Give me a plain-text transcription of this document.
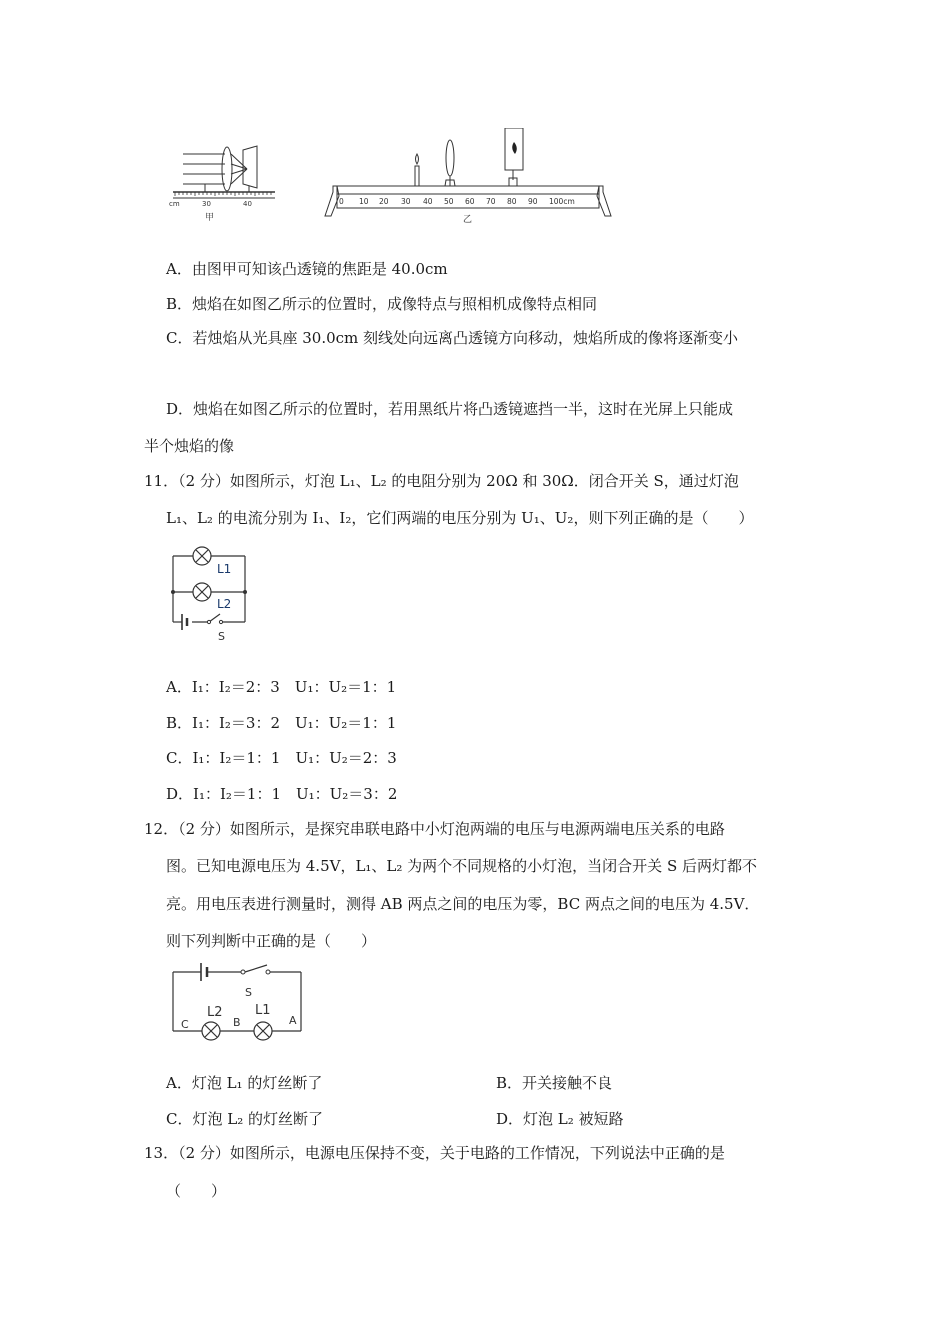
cm	30	40
甲
0 10 20 30 40 50 60 70 80 90 100cm
乙
A．由图甲可知该凸透镜的焦距是 40.0cm
B．烛焰在如图乙所示的位置时，成像特点与照相机成像特点相同
C．若烛焰从光具座 30.0cm 刻线处向远离凸透镜方向移动，烛焰所成的像将逐渐变小
D．烛焰在如图乙所示的位置时，若用黑纸片将凸透镜遮挡一半，这时在光屏上只能成
半个烛焰的像
11．（2 分）如图所示，灯泡 L₁、L₂ 的电阻分别为 20Ω 和 30Ω．闭合开关 S，通过灯泡
L₁、L₂ 的电流分别为 I₁、I₂，它们两端的电压分别为 U₁、U₂，则下列正确的是（　　）
L1
L2
S
A．I₁：I₂＝2：3　U₁：U₂＝1：1
B．I₁：I₂＝3：2　U₁：U₂＝1：1
C．I₁：I₂＝1：1　U₁：U₂＝2：3
D．I₁：I₂＝1：1　U₁：U₂＝3：2
12．（2 分）如图所示，是探究串联电路中小灯泡两端的电压与电源两端电压关系的电路
图。已知电源电压为 4.5V，L₁、L₂ 为两个不同规格的小灯泡，当闭合开关 S 后两灯都不
亮。用电压表进行测量时，测得 AB 两点之间的电压为零，BC 两点之间的电压为 4.5V．
则下列判断中正确的是（　　）
S
L2 L1
C	B	A
A．灯泡 L₁ 的灯丝断了	B．开关接触不良
C．灯泡 L₂ 的灯丝断了	D．灯泡 L₂ 被短路
13．（2 分）如图所示，电源电压保持不变，关于电路的工作情况，下列说法中正确的是
（　　）
